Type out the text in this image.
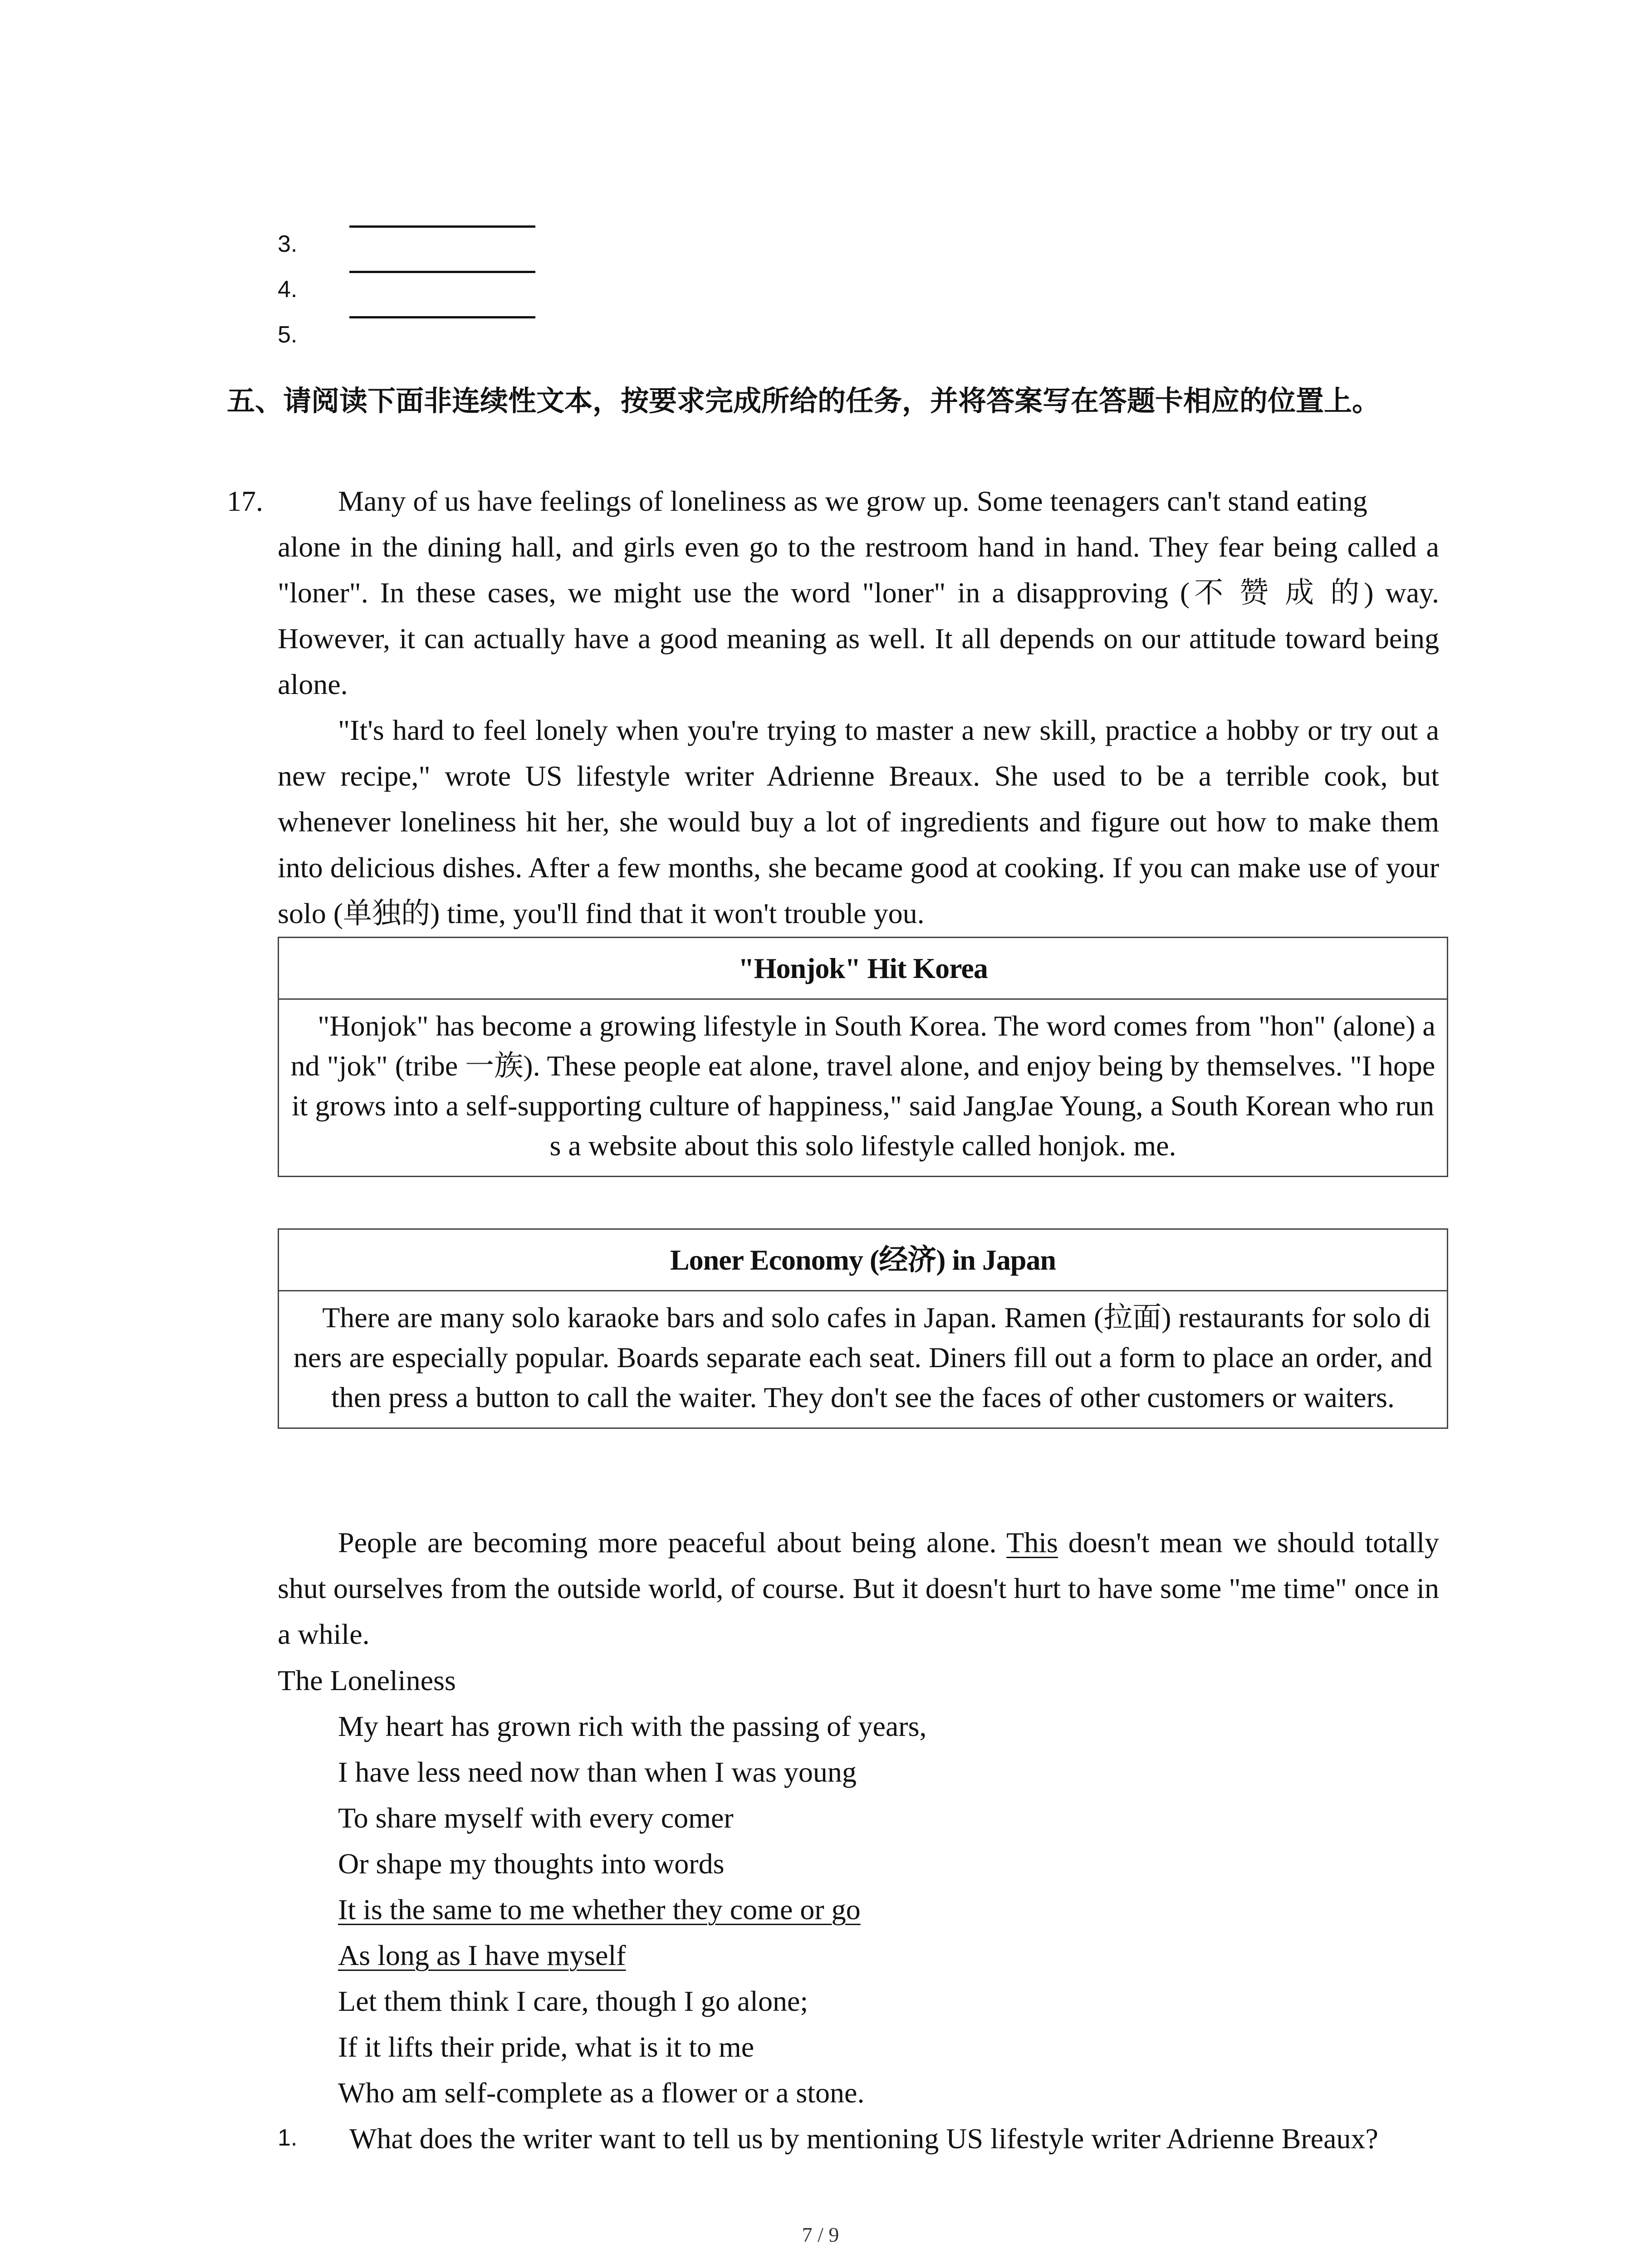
3.
4.
5.
五、请阅读下面非连续性文本，按要求完成所给的任务，并将答案写在答题卡相应的位置上。
17.	Many of us have feelings of loneliness as we grow up. Some teenagers can't stand eating
alone in the dining hall, and girls even go to the restroom hand in hand. They fear being called a "loner". In these cases, we might use the word "loner" in a disapproving (不 赞 成 的) way. However, it can actually have a good meaning as well. It all depends on our attitude toward being alone.
"It's hard to feel lonely when you're trying to master a new skill, practice a hobby or try out a new recipe," wrote US lifestyle writer Adrienne Breaux. She used to be a terrible cook, but whenever loneliness hit her, she would buy a lot of ingredients and figure out how to make them into delicious dishes. After a few months, she became good at cooking. If you can make use of your solo (单独的) time, you'll find that it won't trouble you.
"Honjok" Hit Korea
"Honjok" has become a growing lifestyle in South Korea. The word comes from "hon" (alone) and "jok" (tribe 一族). These people eat alone, travel alone, and enjoy being by themselves. "I hope it grows into a self-supporting culture of happiness," said JangJae Young, a South Korean who runs a website about this solo lifestyle called honjok. me.
Loner Economy (经济) in Japan
There are many solo karaoke bars and solo cafes in Japan. Ramen (拉面) restaurants for solo diners are especially popular. Boards separate each seat. Diners fill out a form to place an order, and then press a button to call the waiter. They don't see the faces of other customers or waiters.
People are becoming more peaceful about being alone. This doesn't mean we should totally shut ourselves from the outside world, of course. But it doesn't hurt to have some "me time" once in a while.
The Loneliness
My heart has grown rich with the passing of years,
I have less need now than when I was young
To share myself with every comer
Or shape my thoughts into words
It is the same to me whether they come or go
As long as I have myself
Let them think I care, though I go alone;
If it lifts their pride, what is it to me
Who am self-complete as a flower or a stone.
1. What does the writer want to tell us by mentioning US lifestyle writer Adrienne Breaux?
7 / 9
